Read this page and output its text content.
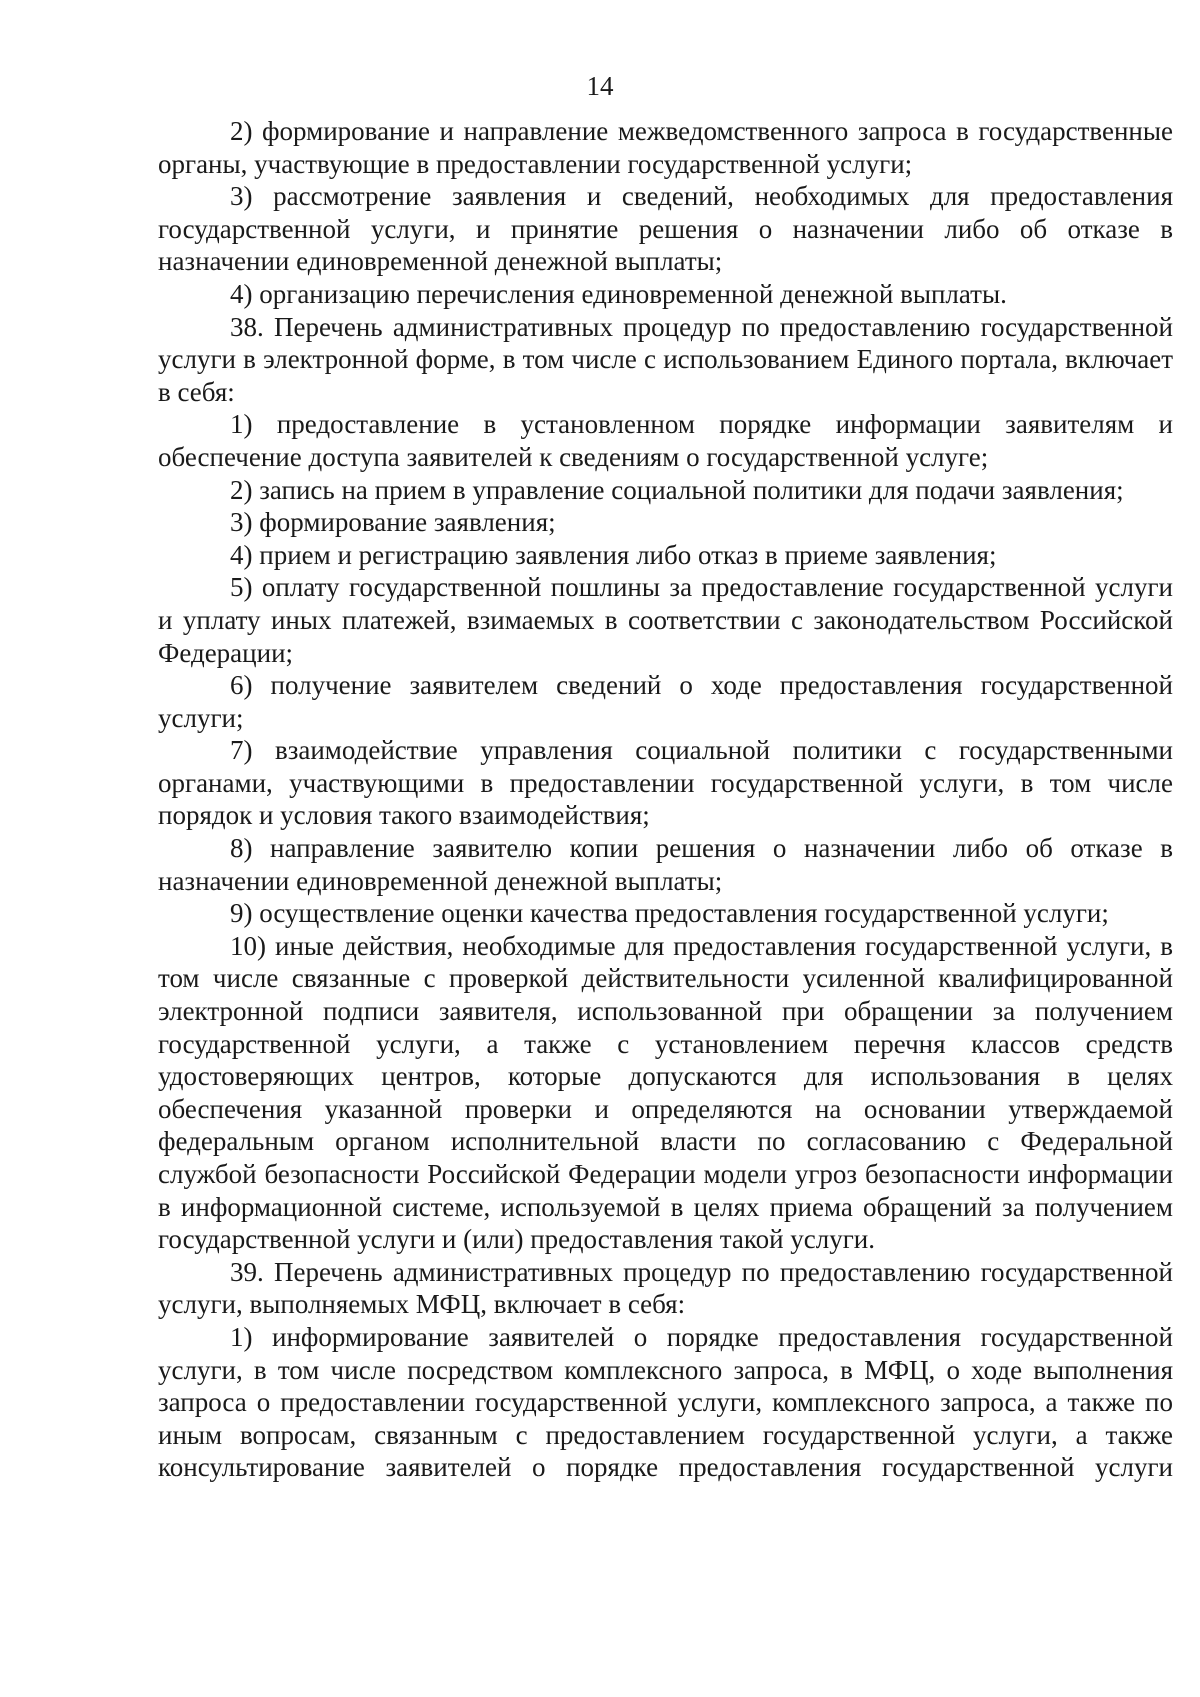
14

2) формирование и направление межведомственного запроса в государственные органы, участвующие в предоставлении государственной услуги;

3) рассмотрение заявления и сведений, необходимых для предоставления государственной услуги, и принятие решения о назначении либо об отказе в назначении единовременной денежной выплаты;

4) организацию перечисления единовременной денежной выплаты.

38. Перечень административных процедур по предоставлению государственной услуги в электронной форме, в том числе с использованием Единого портала, включает в себя:

1) предоставление в установленном порядке информации заявителям и обеспечение доступа заявителей к сведениям о государственной услуге;

2) запись на прием в управление социальной политики для подачи заявления;

3) формирование заявления;

4) прием и регистрацию заявления либо отказ в приеме заявления;

5) оплату государственной пошлины за предоставление государственной услуги и уплату иных платежей, взимаемых в соответствии с законодательством Российской Федерации;

6) получение заявителем сведений о ходе предоставления государственной услуги;

7) взаимодействие управления социальной политики с государственными органами, участвующими в предоставлении государственной услуги, в том числе порядок и условия такого взаимодействия;

8) направление заявителю копии решения о назначении либо об отказе в назначении единовременной денежной выплаты;

9) осуществление оценки качества предоставления государственной услуги;

10) иные действия, необходимые для предоставления государственной услуги, в том числе связанные с проверкой действительности усиленной квалифицированной электронной подписи заявителя, использованной при обращении за получением государственной услуги, а также с установлением перечня классов средств удостоверяющих центров, которые допускаются для использования в целях обеспечения указанной проверки и определяются на основании утверждаемой федеральным органом исполнительной власти по согласованию с Федеральной службой безопасности Российской Федерации модели угроз безопасности информации в информационной системе, используемой в целях приема обращений за получением государственной услуги и (или) предоставления такой услуги.

39. Перечень административных процедур по предоставлению государственной услуги, выполняемых МФЦ, включает в себя:

1) информирование заявителей о порядке предоставления государственной услуги, в том числе посредством комплексного запроса, в МФЦ, о ходе выполнения запроса о предоставлении государственной услуги, комплексного запроса, а также по иным вопросам, связанным с предоставлением государственной услуги, а также консультирование заявителей о порядке предоставления государственной услуги
